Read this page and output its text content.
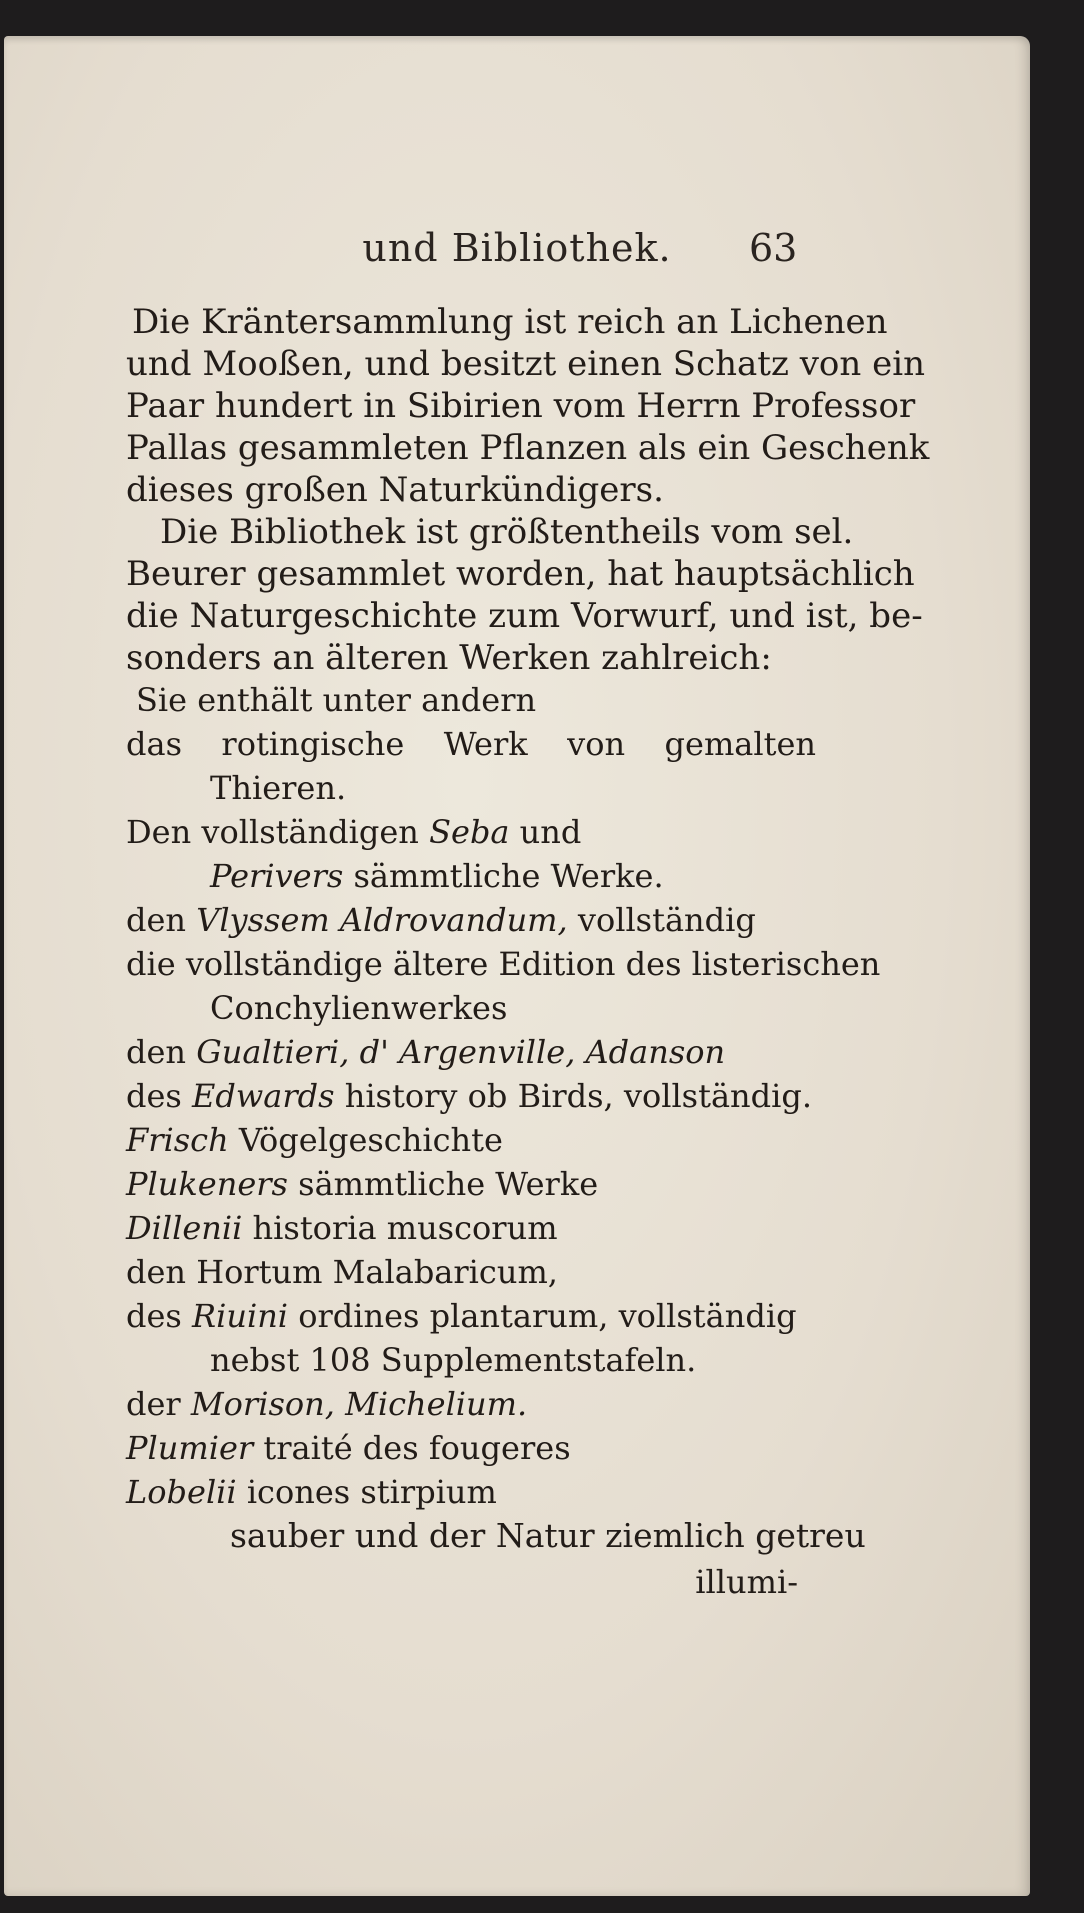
und Bibliothek.	63
Die Kräntersammlung ist reich an Lichenen
und Mooßen, und besitzt einen Schatz von ein
Paar hundert in Sibirien vom Herrn Professor
Pallas gesammleten Pflanzen als ein Geschenk
dieses großen Naturkündigers.
Die Bibliothek ist größtentheils vom sel.
Beurer gesammlet worden, hat hauptsächlich
die Naturgeschichte zum Vorwurf, und ist, be-
sonders an älteren Werken zahlreich:
Sie enthält unter andern
das rotingische Werk von gemalten
Thieren.
Den vollständigen Seba und
Perivers sämmtliche Werke.
den Vlyssem Aldrovandum, vollständig
die vollständige ältere Edition des listerischen
Conchylienwerkes
den Gualtieri, d' Argenville, Adanson
des Edwards history ob Birds, vollständig.
Frisch Vögelgeschichte
Plukeners sämmtliche Werke
Dillenii historia muscorum
den Hortum Malabaricum,
des Riuini ordines plantarum, vollständig
nebst 108 Supplementstafeln.
der Morison, Michelium.
Plumier traité des fougeres
Lobelii icones stirpium
sauber und der Natur ziemlich getreu
illumi-
